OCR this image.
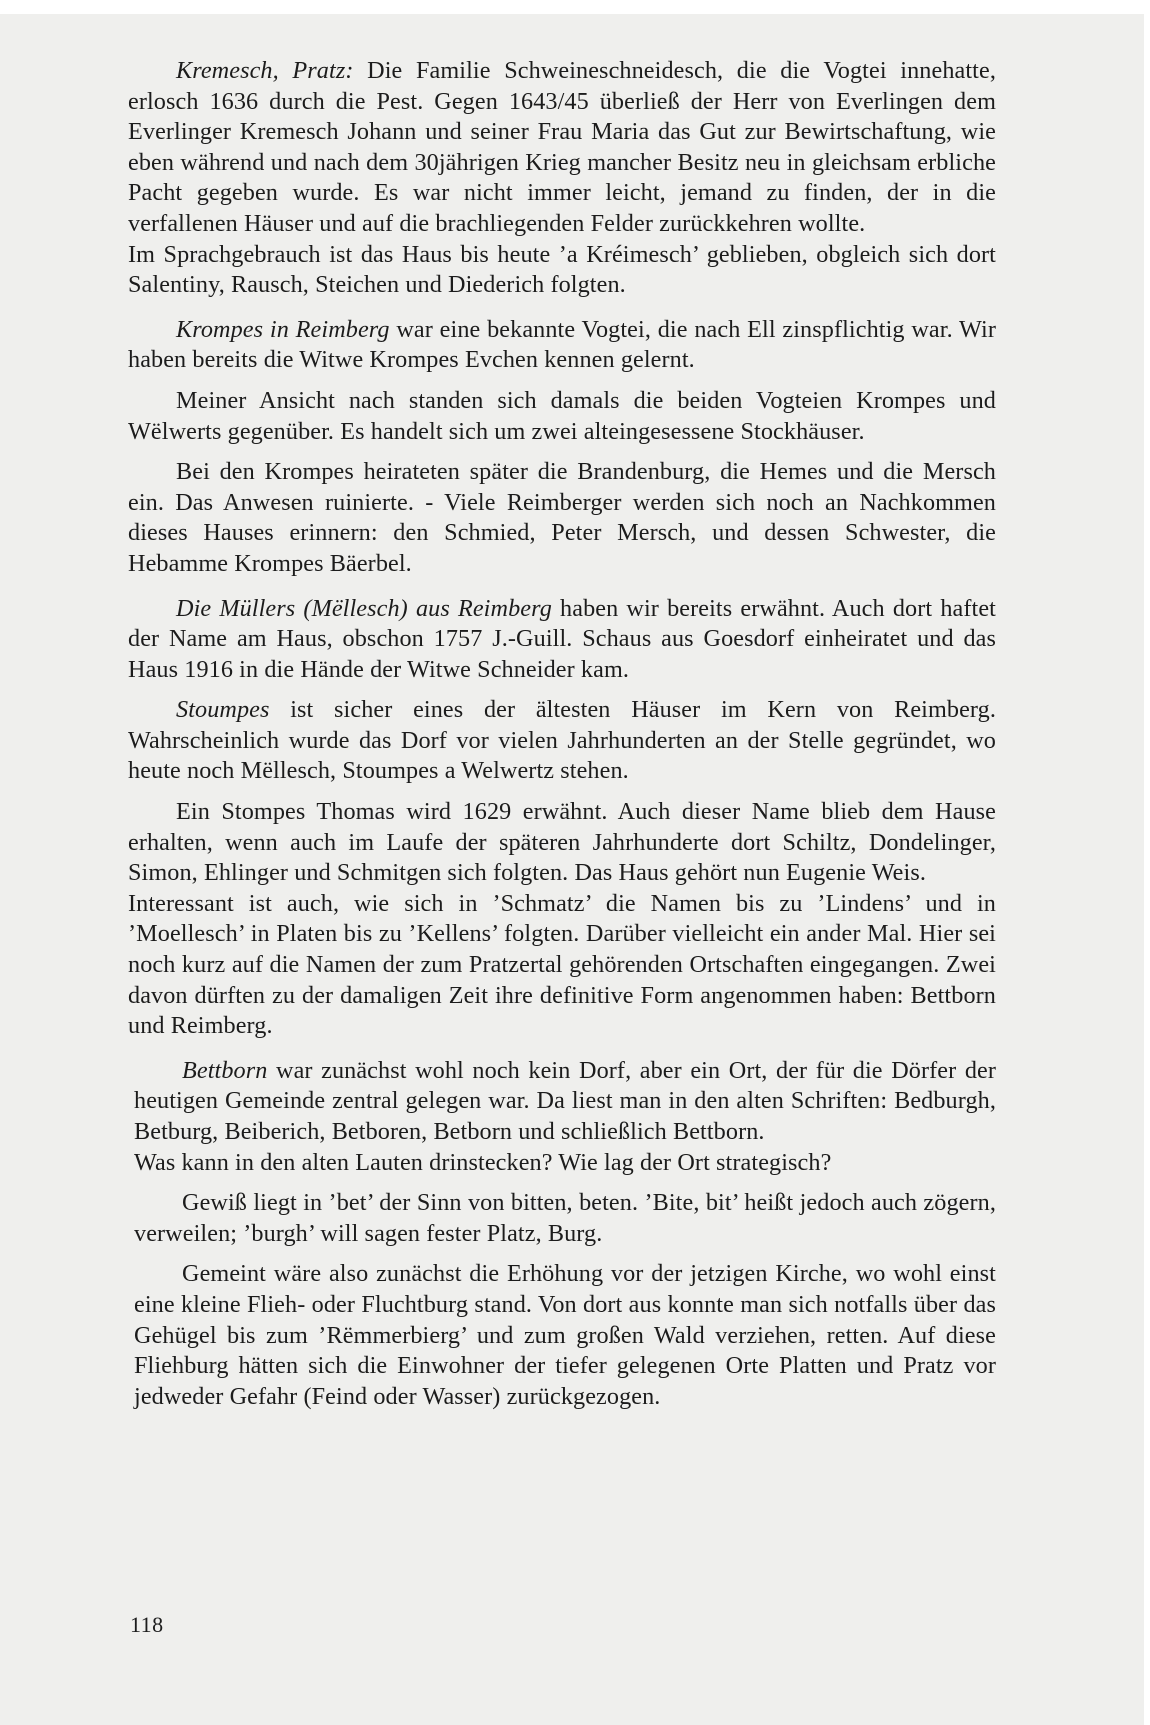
Kremesch, Pratz: Die Familie Schweineschneidesch, die die Vogtei innehatte, erlosch 1636 durch die Pest. Gegen 1643/45 überließ der Herr von Everlingen dem Everlinger Kremesch Johann und seiner Frau Maria das Gut zur Bewirtschaftung, wie eben während und nach dem 30jährigen Krieg mancher Besitz neu in gleichsam erbliche Pacht gegeben wurde. Es war nicht immer leicht, jemand zu finden, der in die verfallenen Häuser und auf die brachliegenden Felder zurückkehren wollte.

Im Sprachgebrauch ist das Haus bis heute ’a Kréimesch’ geblieben, obgleich sich dort Salentiny, Rausch, Steichen und Diederich folgten.

Krompes in Reimberg war eine bekannte Vogtei, die nach Ell zinspflichtig war. Wir haben bereits die Witwe Krompes Evchen kennen gelernt.

Meiner Ansicht nach standen sich damals die beiden Vogteien Krompes und Wëlwerts gegenüber. Es handelt sich um zwei alteingesessene Stockhäuser.

Bei den Krompes heirateten später die Brandenburg, die Hemes und die Mersch ein. Das Anwesen ruinierte. - Viele Reimberger werden sich noch an Nachkommen dieses Hauses erinnern: den Schmied, Peter Mersch, und dessen Schwester, die Hebamme Krompes Bäerbel.

Die Müllers (Mëllesch) aus Reimberg haben wir bereits erwähnt. Auch dort haftet der Name am Haus, obschon 1757 J.-Guill. Schaus aus Goesdorf einheiratet und das Haus 1916 in die Hände der Witwe Schneider kam.

Stoumpes ist sicher eines der ältesten Häuser im Kern von Reimberg. Wahrscheinlich wurde das Dorf vor vielen Jahrhunderten an der Stelle gegründet, wo heute noch Mëllesch, Stoumpes a Welwertz stehen.

Ein Stompes Thomas wird 1629 erwähnt. Auch dieser Name blieb dem Hause erhalten, wenn auch im Laufe der späteren Jahrhunderte dort Schiltz, Dondelinger, Simon, Ehlinger und Schmitgen sich folgten. Das Haus gehört nun Eugenie Weis.

Interessant ist auch, wie sich in ’Schmatz’ die Namen bis zu ’Lindens’ und in ’Moellesch’ in Platen bis zu ’Kellens’ folgten. Darüber vielleicht ein ander Mal. Hier sei noch kurz auf die Namen der zum Pratzertal gehörenden Ortschaften eingegangen. Zwei davon dürften zu der damaligen Zeit ihre definitive Form angenommen haben: Bettborn und Reimberg.

Bettborn war zunächst wohl noch kein Dorf, aber ein Ort, der für die Dörfer der heutigen Gemeinde zentral gelegen war. Da liest man in den alten Schriften: Bedburgh, Betburg, Beiberich, Betboren, Betborn und schließlich Bettborn.

Was kann in den alten Lauten drinstecken? Wie lag der Ort strategisch?

Gewiß liegt in ’bet’ der Sinn von bitten, beten. ’Bite, bit’ heißt jedoch auch zögern, verweilen; ’burgh’ will sagen fester Platz, Burg.

Gemeint wäre also zunächst die Erhöhung vor der jetzigen Kirche, wo wohl einst eine kleine Flieh- oder Fluchtburg stand. Von dort aus konnte man sich notfalls über das Gehügel bis zum ’Rëmmerbierg’ und zum großen Wald verziehen, retten. Auf diese Fliehburg hätten sich die Einwohner der tiefer gelegenen Orte Platten und Pratz vor jedweder Gefahr (Feind oder Wasser) zurückgezogen.

118
